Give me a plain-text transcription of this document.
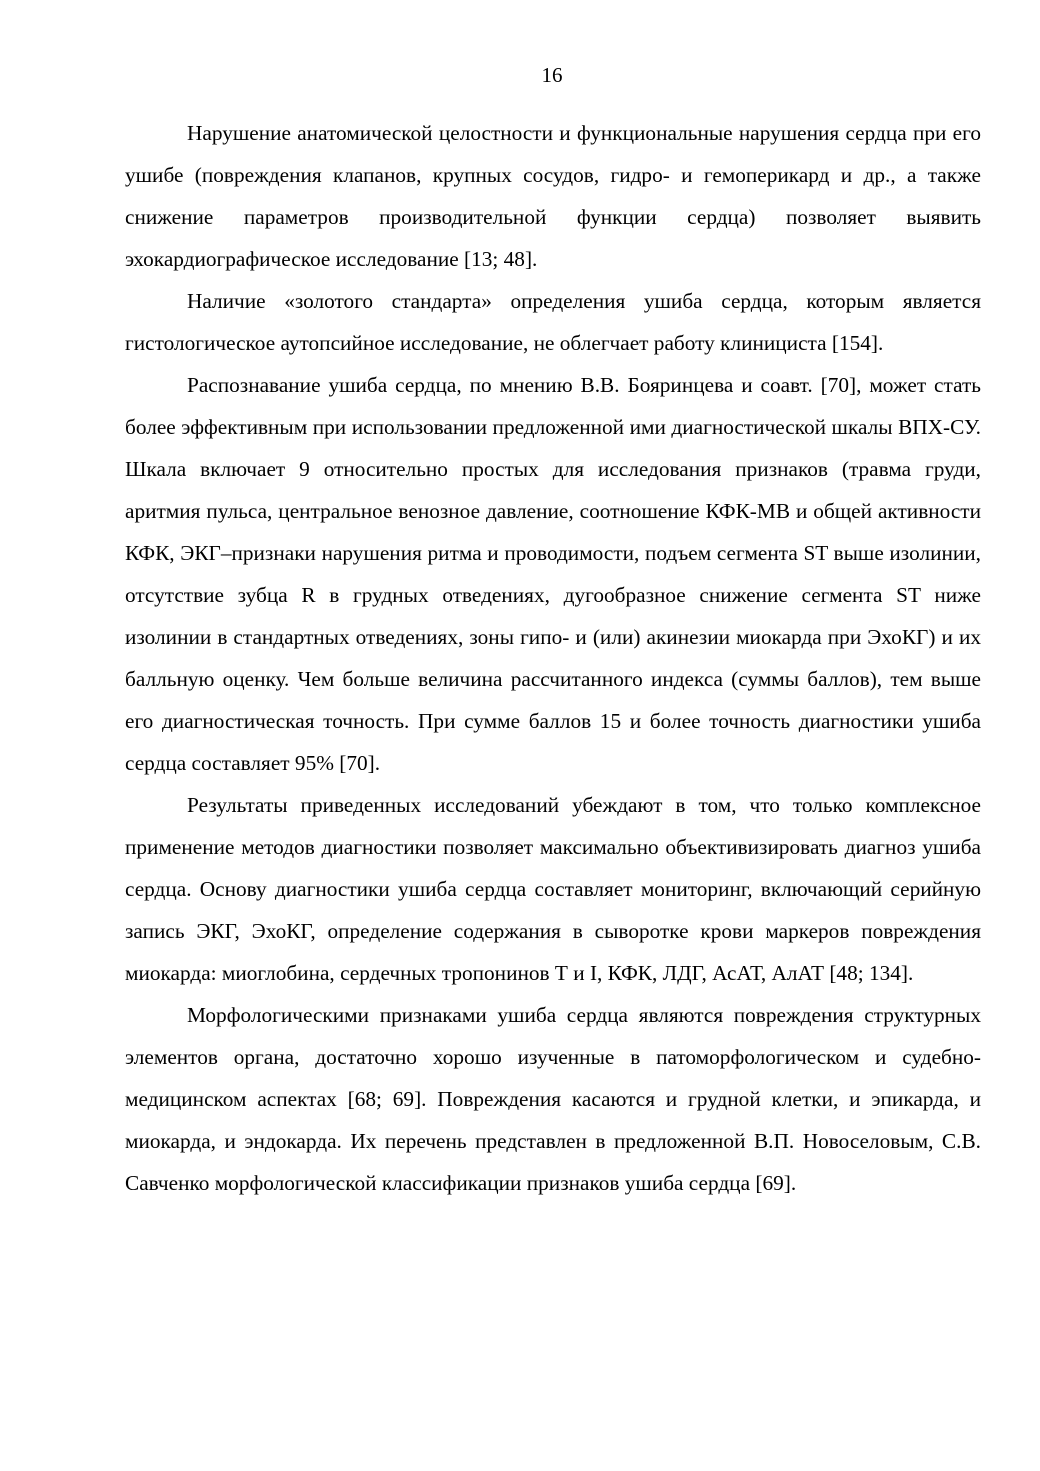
16

Нарушение анатомической целостности и функциональные нарушения сердца при его ушибе (повреждения клапанов, крупных сосудов, гидро- и гемоперикард и др., а также снижение параметров производительной функции сердца) позволяет выявить эхокардиографическое исследование [13; 48].

Наличие «золотого стандарта» определения ушиба сердца, которым является гистологическое аутопсийное исследование, не облегчает работу клинициста [154].

Распознавание ушиба сердца, по мнению В.В. Бояринцева и соавт. [70], может стать более эффективным при использовании предложенной ими диагностической шкалы ВПХ-СУ. Шкала включает 9 относительно простых для исследования признаков (травма груди, аритмия пульса, центральное венозное давление, соотношение КФК-МВ и общей активности КФК, ЭКГ–признаки нарушения ритма и проводимости, подъем сегмента ST выше изолинии, отсутствие зубца R в грудных отведениях, дугообразное снижение сегмента ST ниже изолинии в стандартных отведениях, зоны гипо- и (или) акинезии миокарда при ЭхоКГ) и их балльную оценку. Чем больше величина рассчитанного индекса (суммы баллов), тем выше его диагностическая точность. При сумме баллов 15 и более точность диагностики ушиба сердца составляет 95% [70].

Результаты приведенных исследований убеждают в том, что только комплексное применение методов диагностики позволяет максимально объективизировать диагноз ушиба сердца. Основу диагностики ушиба сердца составляет мониторинг, включающий серийную запись ЭКГ, ЭхоКГ, определение содержания в сыворотке крови маркеров повреждения миокарда: миоглобина, сердечных тропонинов Т и I, КФК, ЛДГ, АсАТ, АлАТ [48; 134].

Морфологическими признаками ушиба сердца являются повреждения структурных элементов органа, достаточно хорошо изученные в патоморфологическом и судебно-медицинском аспектах [68; 69]. Повреждения касаются и грудной клетки, и эпикарда, и миокарда, и эндокарда. Их перечень представлен в предложенной В.П. Новоселовым, С.В. Савченко морфологической классификации признаков ушиба сердца [69].
